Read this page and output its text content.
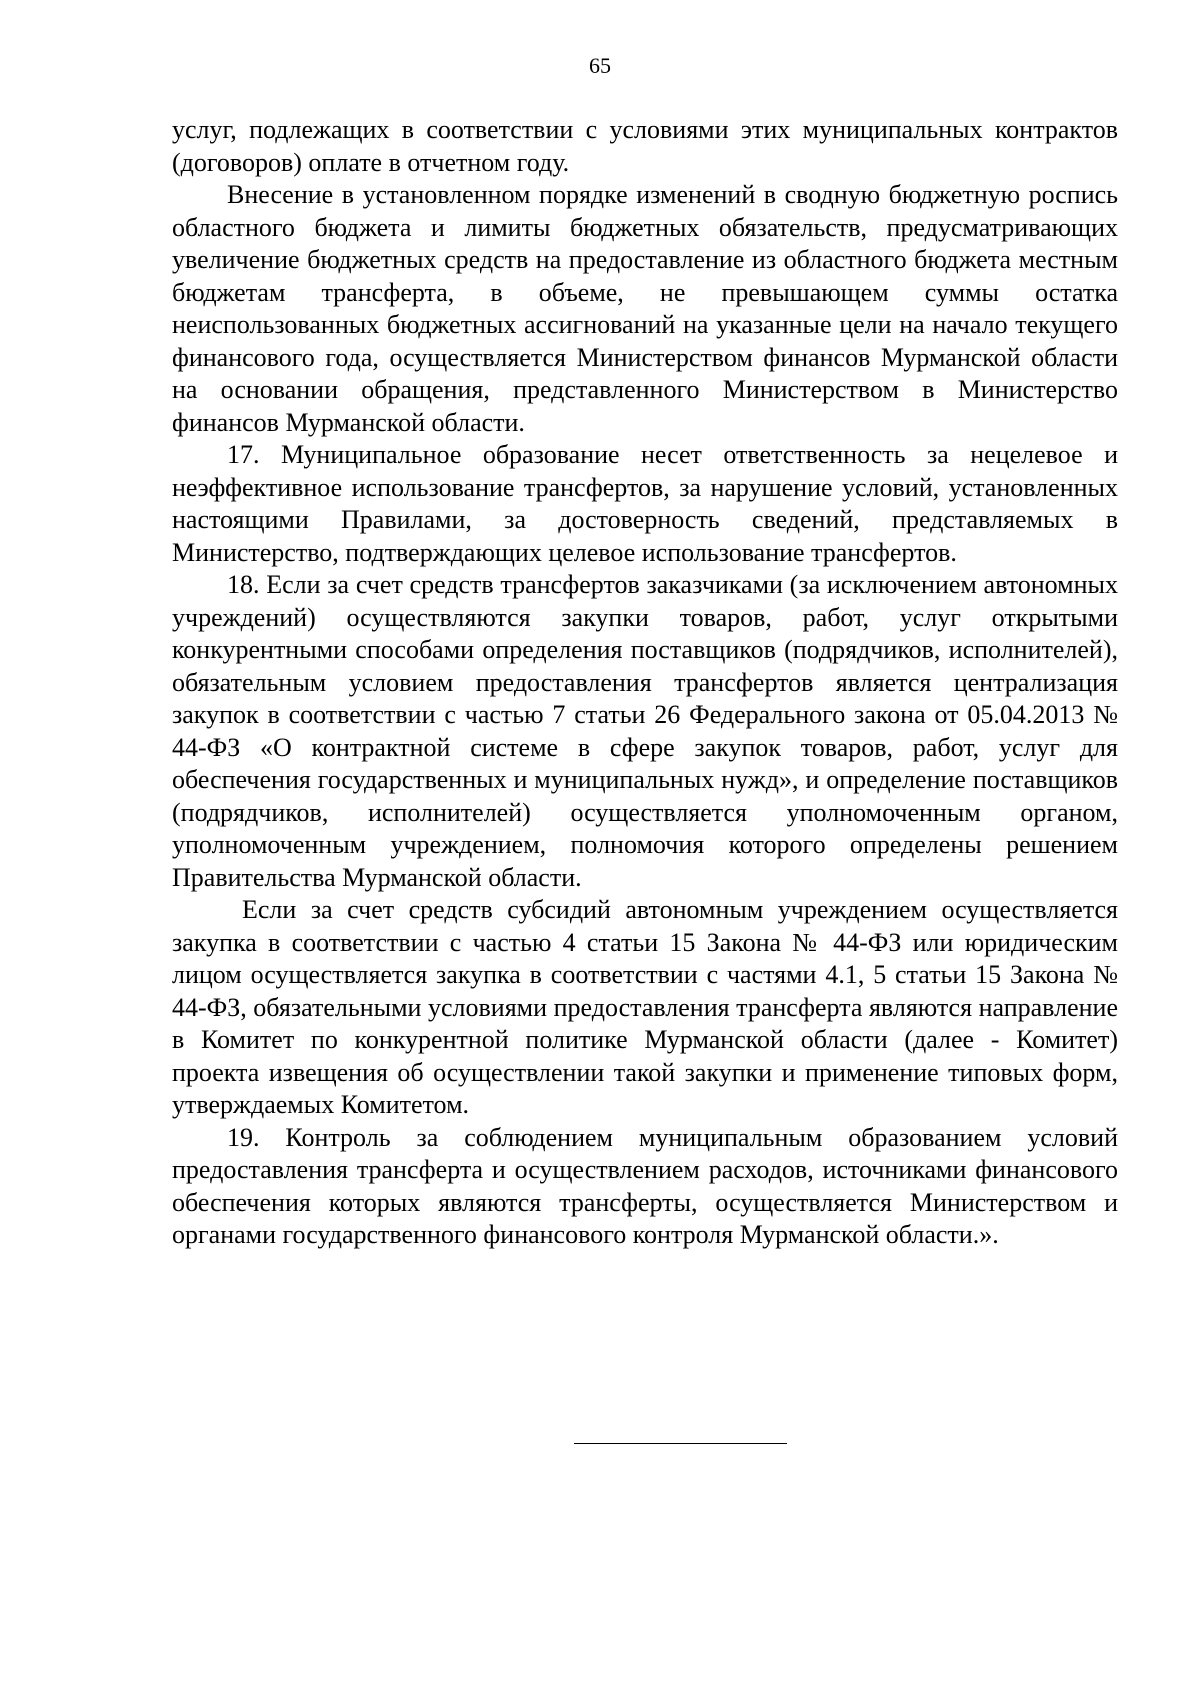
65

услуг, подлежащих в соответствии с условиями этих муниципальных контрактов (договоров) оплате в отчетном году.

Внесение в установленном порядке изменений в сводную бюджетную роспись областного бюджета и лимиты бюджетных обязательств, предусматривающих увеличение бюджетных средств на предоставление из областного бюджета местным бюджетам трансферта, в объеме, не превышающем суммы остатка неиспользованных бюджетных ассигнований на указанные цели на начало текущего финансового года, осуществляется Министерством финансов Мурманской области на основании обращения, представленного Министерством в Министерство финансов Мурманской области.

17. Муниципальное образование несет ответственность за нецелевое и неэффективное использование трансфертов, за нарушение условий, установленных настоящими Правилами, за достоверность сведений, представляемых в Министерство, подтверждающих целевое использование трансфертов.

18. Если за счет средств трансфертов заказчиками (за исключением автономных учреждений) осуществляются закупки товаров, работ, услуг открытыми конкурентными способами определения поставщиков (подрядчиков, исполнителей), обязательным условием предоставления трансфертов является централизация закупок в соответствии с частью 7 статьи 26 Федерального закона от 05.04.2013 № 44-ФЗ «О контрактной системе в сфере закупок товаров, работ, услуг для обеспечения государственных и муниципальных нужд», и определение поставщиков (подрядчиков, исполнителей) осуществляется уполномоченным органом, уполномоченным учреждением, полномочия которого определены решением Правительства Мурманской области.

Если за счет средств субсидий автономным учреждением осуществляется закупка в соответствии с частью 4 статьи 15 Закона № 44-ФЗ или юридическим лицом осуществляется закупка в соответствии с частями 4.1, 5 статьи 15 Закона № 44-ФЗ, обязательными условиями предоставления трансферта являются направление в Комитет по конкурентной политике Мурманской области (далее - Комитет) проекта извещения об осуществлении такой закупки и применение типовых форм, утверждаемых Комитетом.

19. Контроль за соблюдением муниципальным образованием условий предоставления трансферта и осуществлением расходов, источниками финансового обеспечения которых являются трансферты, осуществляется Министерством и органами государственного финансового контроля Мурманской области.».
